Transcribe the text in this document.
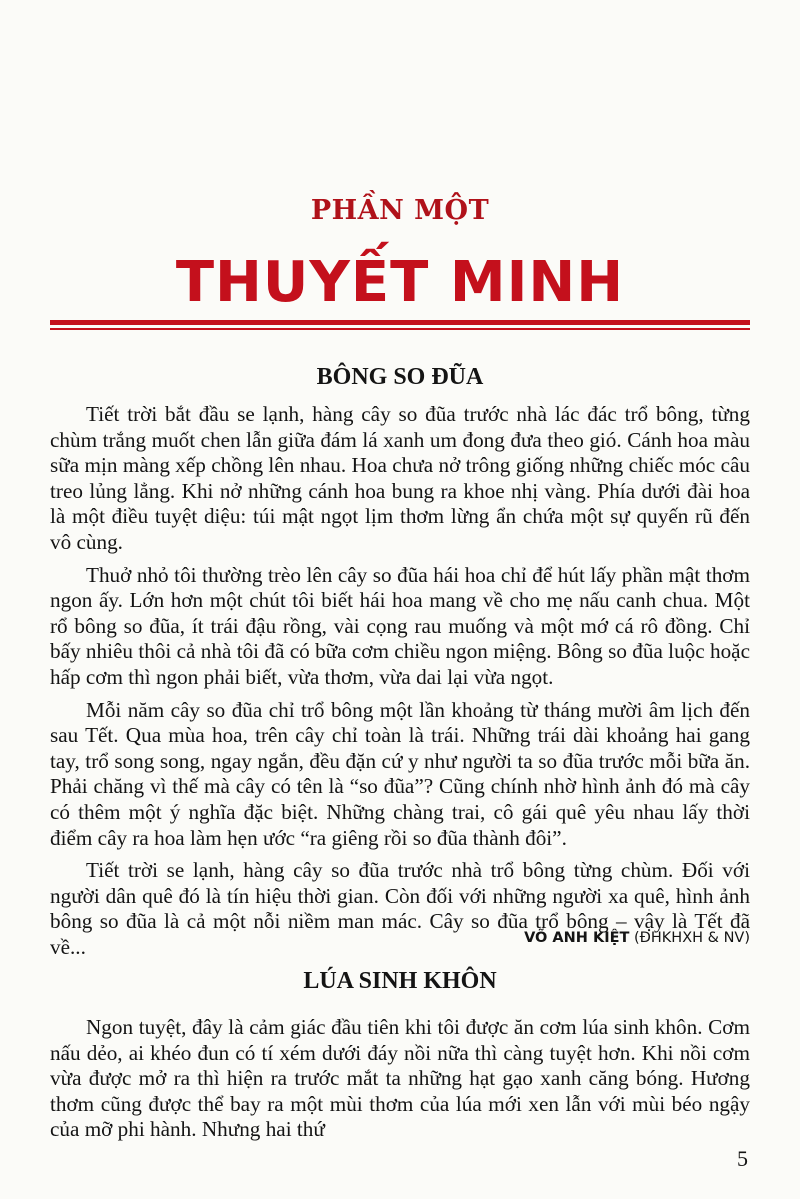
PHẦN MỘT
THUYẾT MINH
BÔNG SO ĐŨA

Tiết trời bắt đầu se lạnh, hàng cây so đũa trước nhà lác đác trổ bông, từng chùm trắng muốt chen lẫn giữa đám lá xanh um đong đưa theo gió. Cánh hoa màu sữa mịn màng xếp chồng lên nhau. Hoa chưa nở trông giống những chiếc móc câu treo lủng lẳng. Khi nở những cánh hoa bung ra khoe nhị vàng. Phía dưới đài hoa là một điều tuyệt diệu: túi mật ngọt lịm thơm lừng ẩn chứa một sự quyến rũ đến vô cùng.

Thuở nhỏ tôi thường trèo lên cây so đũa hái hoa chỉ để hút lấy phần mật thơm ngon ấy. Lớn hơn một chút tôi biết hái hoa mang về cho mẹ nấu canh chua. Một rổ bông so đũa, ít trái đậu rồng, vài cọng rau muống và một mớ cá rô đồng. Chỉ bấy nhiêu thôi cả nhà tôi đã có bữa cơm chiều ngon miệng. Bông so đũa luộc hoặc hấp cơm thì ngon phải biết, vừa thơm, vừa dai lại vừa ngọt.

Mỗi năm cây so đũa chỉ trổ bông một lần khoảng từ tháng mười âm lịch đến sau Tết. Qua mùa hoa, trên cây chỉ toàn là trái. Những trái dài khoảng hai gang tay, trổ song song, ngay ngắn, đều đặn cứ y như người ta so đũa trước mỗi bữa ăn. Phải chăng vì thế mà cây có tên là “so đũa”? Cũng chính nhờ hình ảnh đó mà cây có thêm một ý nghĩa đặc biệt. Những chàng trai, cô gái quê yêu nhau lấy thời điểm cây ra hoa làm hẹn ước “ra giêng rồi so đũa thành đôi”.

Tiết trời se lạnh, hàng cây so đũa trước nhà trổ bông từng chùm. Đối với người dân quê đó là tín hiệu thời gian. Còn đối với những người xa quê, hình ảnh bông so đũa là cả một nỗi niềm man mác. Cây so đũa trổ bông – vậy là Tết đã về...	VÕ ANH KIỆT (ĐHKHXH & NV)
LÚA SINH KHÔN

Ngon tuyệt, đây là cảm giác đầu tiên khi tôi được ăn cơm lúa sinh khôn. Cơm nấu dẻo, ai khéo đun có tí xém dưới đáy nồi nữa thì càng tuyệt hơn. Khi nồi cơm vừa được mở ra thì hiện ra trước mắt ta những hạt gạo xanh căng bóng. Hương thơm cũng được thể bay ra một mùi thơm của lúa mới xen lẫn với mùi béo ngậy của mỡ phi hành. Nhưng hai thứ

5
